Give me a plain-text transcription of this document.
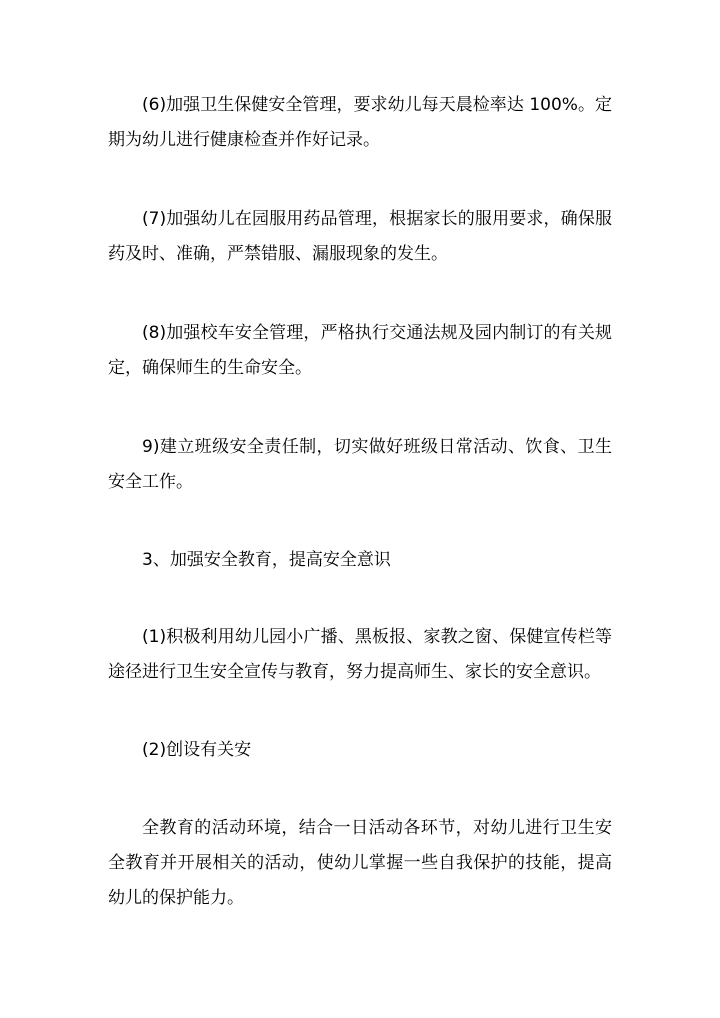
(6)加强卫生保健安全管理，要求幼儿每天晨检率达 100%。定期为幼儿进行健康检查并作好记录。

(7)加强幼儿在园服用药品管理，根据家长的服用要求，确保服药及时、准确，严禁错服、漏服现象的发生。

(8)加强校车安全管理，严格执行交通法规及园内制订的有关规定，确保师生的生命安全。

9)建立班级安全责任制，切实做好班级日常活动、饮食、卫生安全工作。

3、加强安全教育，提高安全意识

(1)积极利用幼儿园小广播、黑板报、家教之窗、保健宣传栏等途径进行卫生安全宣传与教育，努力提高师生、家长的安全意识。

(2)创设有关安

全教育的活动环境，结合一日活动各环节，对幼儿进行卫生安全教育并开展相关的活动，使幼儿掌握一些自我保护的技能，提高幼儿的保护能力。
